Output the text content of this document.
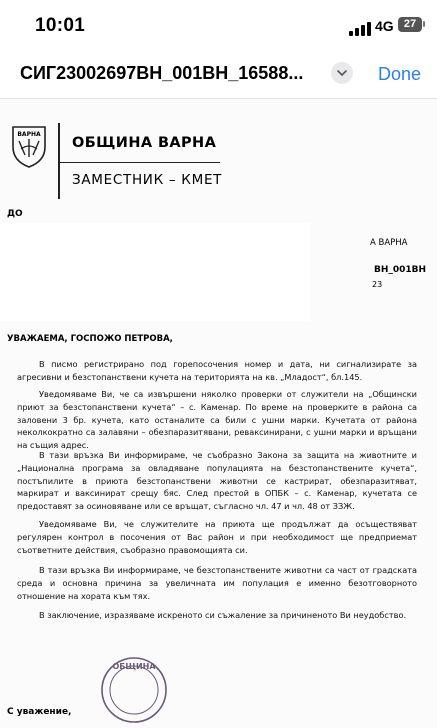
10:01	4G 27
СИГ23002697ВН_001ВН_16588...	Done
ВАРНА
ОБЩИНА ВАРНА
ЗАМЕСТНИК – КМЕТ
ДО
А ВАРНА
ВН_001ВН
23
УВАЖАЕМА, ГОСПОЖО ПЕТРОВА,
В писмо регистрирано под горепосочения номер и дата, ни сигнализирате за агресивни и безстопанствени кучета на територията на кв. „Младост“, бл.145.
Уведомяваме Ви, че са извършени няколко проверки от служители на „Общински приют за безстопанствени кучета“ – с. Каменар. По време на проверките в района са заловени 3 бр. кучета, като останалите са били с ушни марки. Кучетата от района неколкократно са залавяни – обезпаразитявани, реваксинирани, с ушни марки и връщани на същия адрес.
В тази връзка Ви информираме, че съобразно Закона за защита на животните и „Национална програма за овладяване популацията на безстопанствените кучета“, постъпилите в приюта безстопанствени животни се кастрират, обезпаразитяват, маркират и ваксинират срещу бяс. След престой в ОПБК – с. Каменар, кучетата се предоставят за осиновяване или се връщат, съгласно чл. 47 и чл. 48 от ЗЗЖ.
Уведомяваме Ви, че служителите на приюта ще продължат да осъществяват регулярен контрол в посочения от Вас район и при необходимост ще предприемат съответните действия, съобразно правомощията си.
В тази връзка Ви информираме, че безстопанствените животни са част от градската среда и основна причина за увеличната им популация е именно безотговорното отношение на хората към тях.
В заключение, изразяваме искреното си съжаление за причиненото Ви неудобство.
ОБЩИНА
С уважение,
